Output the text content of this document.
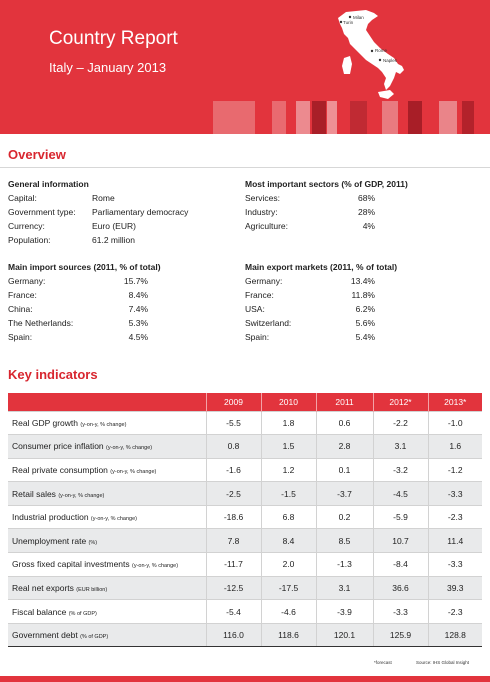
Country Report
Italy – January 2013
Milan
Turin
Rome
Naples
Overview
General information
Capital:	Rome
Government type: Parliamentary democracy
Currency:	Euro (EUR)
Population:	61.2 million
Most important sectors (% of GDP, 2011)
Services:	68%
Industry:	28%
Agriculture:	4%
Main import sources (2011, % of total)
Germany:	15.7%
France:	8.4%
China:	7.4%
The Netherlands:	5.3%
Spain:	4.5%
Main export markets (2011, % of total)
Germany:	13.4%
France:	11.8%
USA:	6.2%
Switzerland:	5.6%
Spain:	5.4%
Key indicators
	2009	2010	2011	2012*	2013*
Real GDP growth (y-on-y, % change)	-5.5	1.8	0.6	-2.2	-1.0
Consumer price inflation (y-on-y, % change)	0.8	1.5	2.8	3.1	1.6
Real private consumption (y-on-y, % change)	-1.6	1.2	0.1	-3.2	-1.2
Retail sales (y-on-y, % change)	-2.5	-1.5	-3.7	-4.5	-3.3
Industrial production (y-on-y, % change)	-18.6	6.8	0.2	-5.9	-2.3
Unemployment rate (%)	7.8	8.4	8.5	10.7	11.4
Gross fixed capital investments (y-on-y, % change)	-11.7	2.0	-1.3	-8.4	-3.3
Real net exports (EUR billion)	-12.5	-17.5	3.1	36.6	39.3
Fiscal balance (% of GDP)	-5.4	-4.6	-3.9	-3.3	-2.3
Government debt (% of GDP)	116.0	118.6	120.1	125.9	128.8
*forecast	Source: IHS Global Insight
